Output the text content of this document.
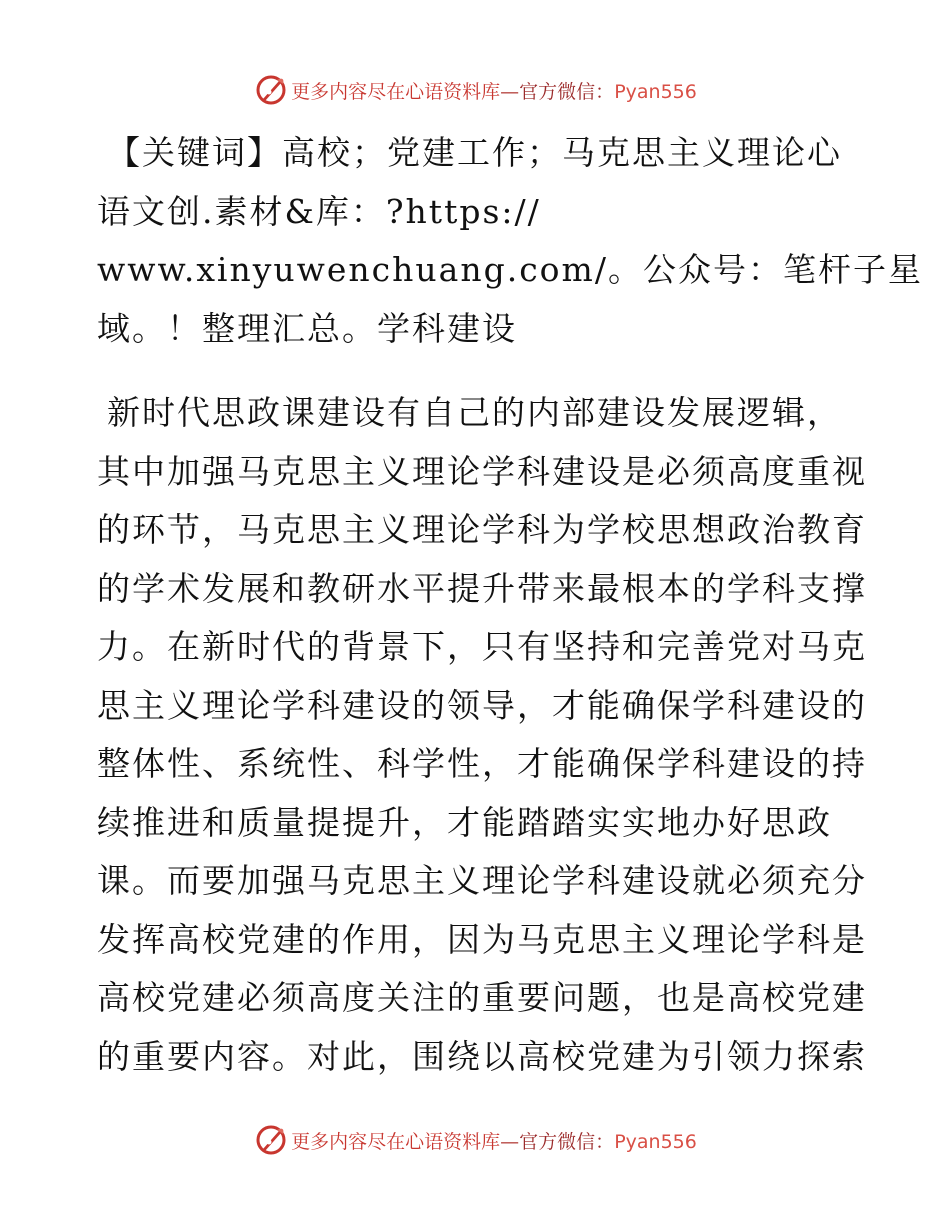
更多内容尽在心语资料库—官方微信：Pyan556
【关键词】高校；党建工作；马克思主义理论心
语文创.素材&库：?https://
www.xinyuwenchuang.com/。公众号：笔杆子星
域。！整理汇总。学科建设
新时代思政课建设有自己的内部建设发展逻辑，
其中加强马克思主义理论学科建设是必须高度重视
的环节，马克思主义理论学科为学校思想政治教育
的学术发展和教研水平提升带来最根本的学科支撑
力。在新时代的背景下，只有坚持和完善党对马克
思主义理论学科建设的领导，才能确保学科建设的
整体性、系统性、科学性，才能确保学科建设的持
续推进和质量提提升，才能踏踏实实地办好思政
课。而要加强马克思主义理论学科建设就必须充分
发挥高校党建的作用，因为马克思主义理论学科是
高校党建必须高度关注的重要问题，也是高校党建
的重要内容。对此，围绕以高校党建为引领力探索
更多内容尽在心语资料库—官方微信：Pyan556
